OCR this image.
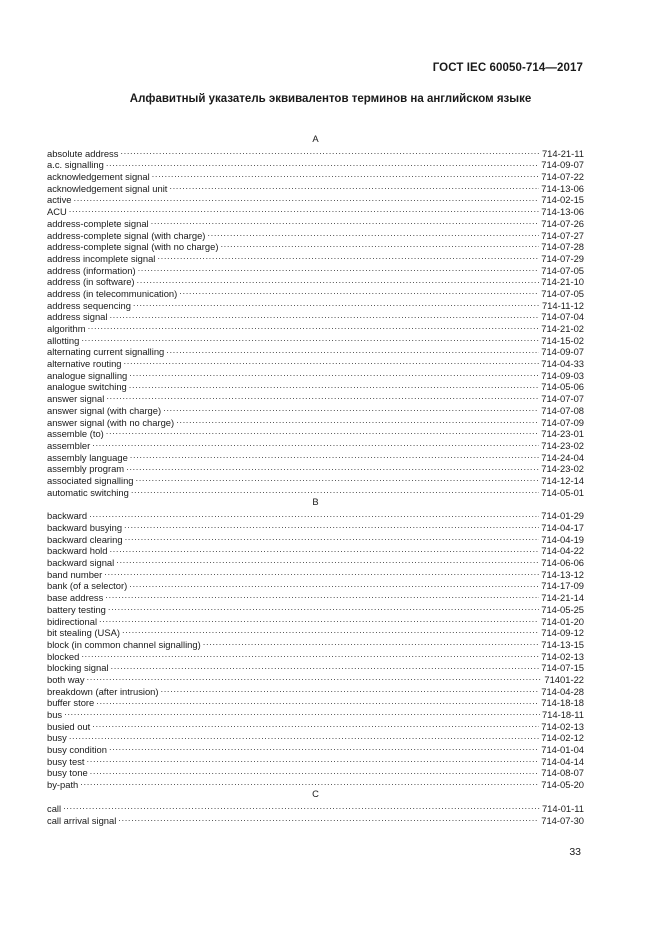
ГОСТ IEC 60050-714—2017
Алфавитный указатель эквивалентов терминов на английском языке
A
absolute address .....	714-21-11
a.c. signalling .....	714-09-07
acknowledgement signal .....	714-07-22
acknowledgement signal unit .....	714-13-06
active .....	714-02-15
ACU .....	714-13-06
address-complete signal .....	714-07-26
address-complete signal (with charge) .....	714-07-27
address-complete signal (with no charge) .....	714-07-28
address incomplete signal .....	714-07-29
address (information) .....	714-07-05
address (in software) .....	714-21-10
address (in telecommunication) .....	714-07-05
address sequencing .....	714-11-12
address signal .....	714-07-04
algorithm .....	714-21-02
allotting .....	714-15-02
alternating current signalling .....	714-09-07
alternative routing .....	714-04-33
analogue signalling .....	714-09-03
analogue switching .....	714-05-06
answer signal .....	714-07-07
answer signal (with charge) .....	714-07-08
answer signal (with no charge) .....	714-07-09
assemble (to) .....	714-23-01
assembler .....	714-23-02
assembly language .....	714-24-04
assembly program .....	714-23-02
associated signalling .....	714-12-14
automatic switching .....	714-05-01
B
backward .....	714-01-29
backward busying .....	714-04-17
backward clearing .....	714-04-19
backward hold .....	714-04-22
backward signal .....	714-06-06
band number .....	714-13-12
bank (of a selector) .....	714-17-09
base address .....	714-21-14
battery testing .....	714-05-25
bidirectional .....	714-01-20
bit stealing (USA) .....	714-09-12
block (in common channel signalling) .....	714-13-15
blocked .....	714-02-13
blocking signal .....	714-07-15
both way .....	71401-22
breakdown (after intrusion) .....	714-04-28
buffer store .....	714-18-18
bus .....	714-18-11
busied out .....	714-02-13
busy .....	714-02-12
busy condition .....	714-01-04
busy test .....	714-04-14
busy tone .....	714-08-07
by-path .....	714-05-20
C
call .....	714-01-11
call arrival signal .....	714-07-30
33
